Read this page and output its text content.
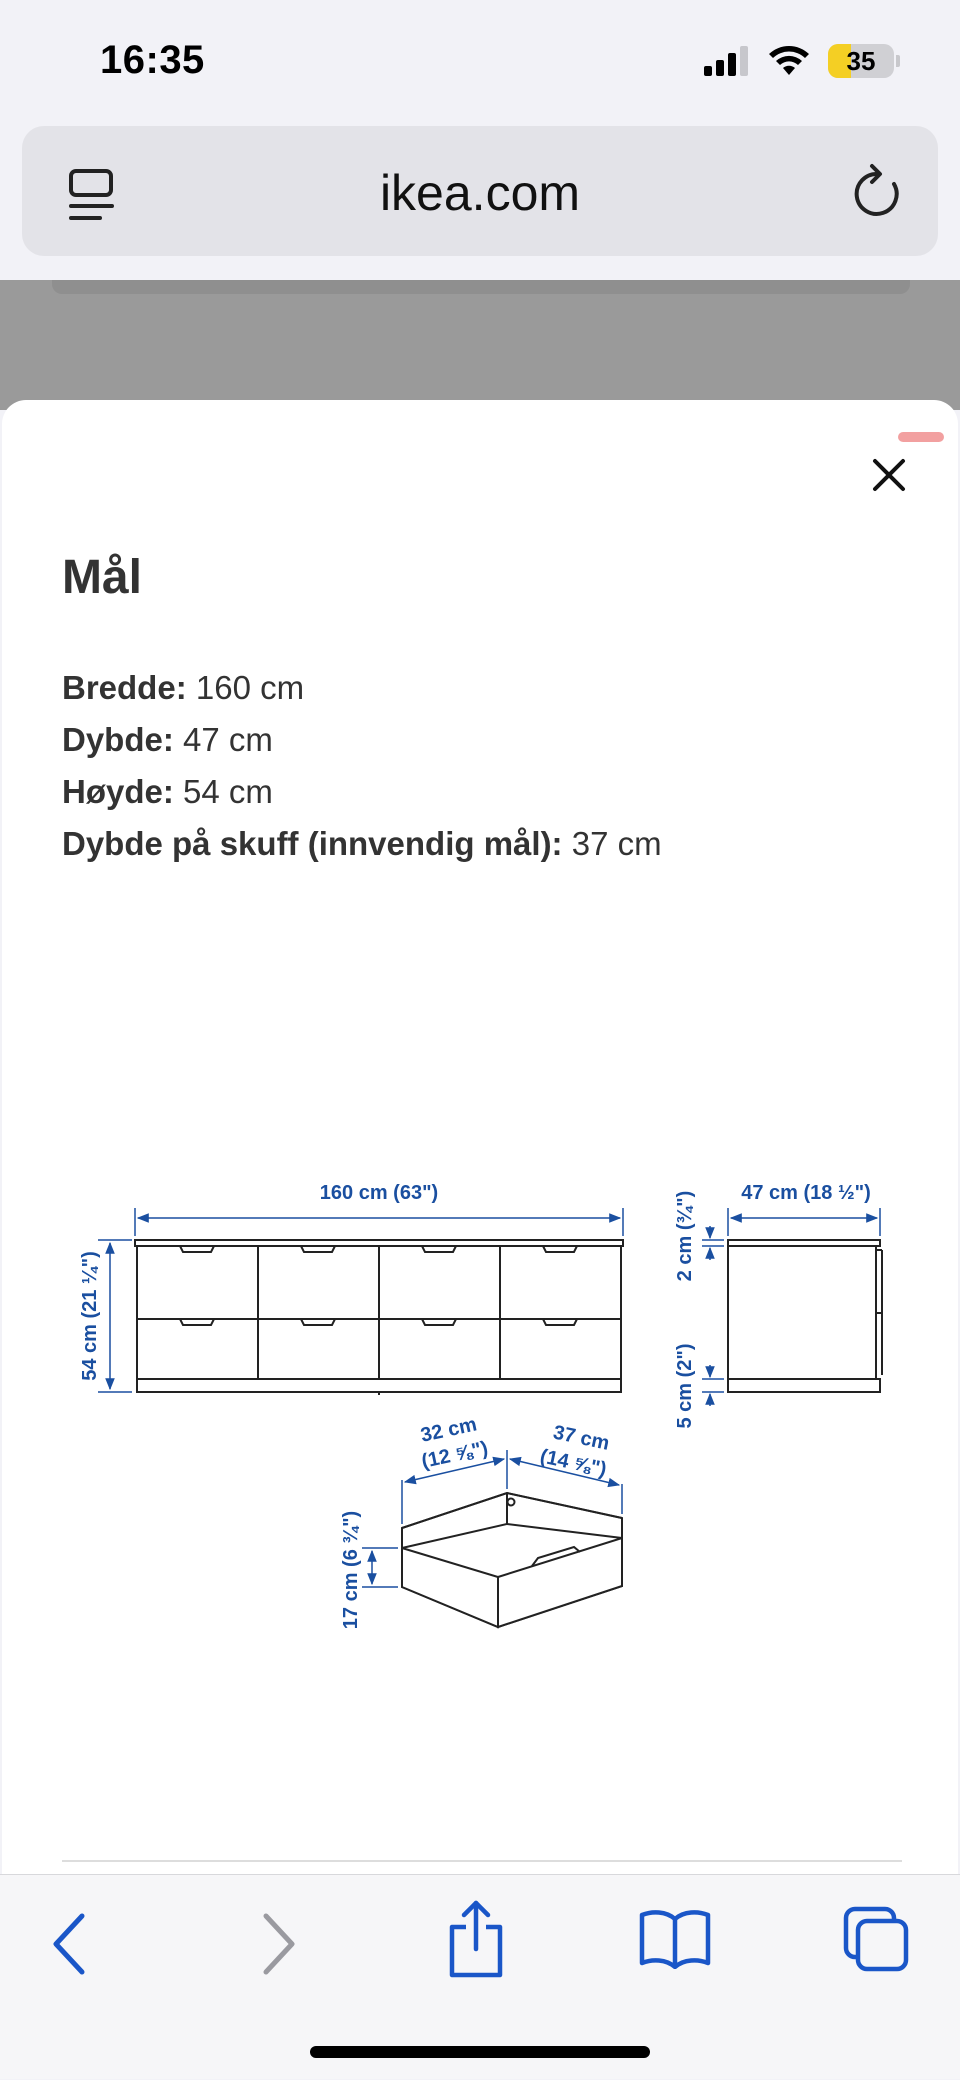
16:35	35
ikea.com
Mål
Bredde: 160 cm
Dybde: 47 cm
Høyde: 54 cm
Dybde på skuff (innvendig mål): 37 cm
160 cm (63")
54 cm (21 ¼")
47 cm (18 ½")
2 cm (¾")
5 cm (2")
32 cm
(12 ⅝")	37 cm
(14 ⅝")
17 cm (6 ¾")
